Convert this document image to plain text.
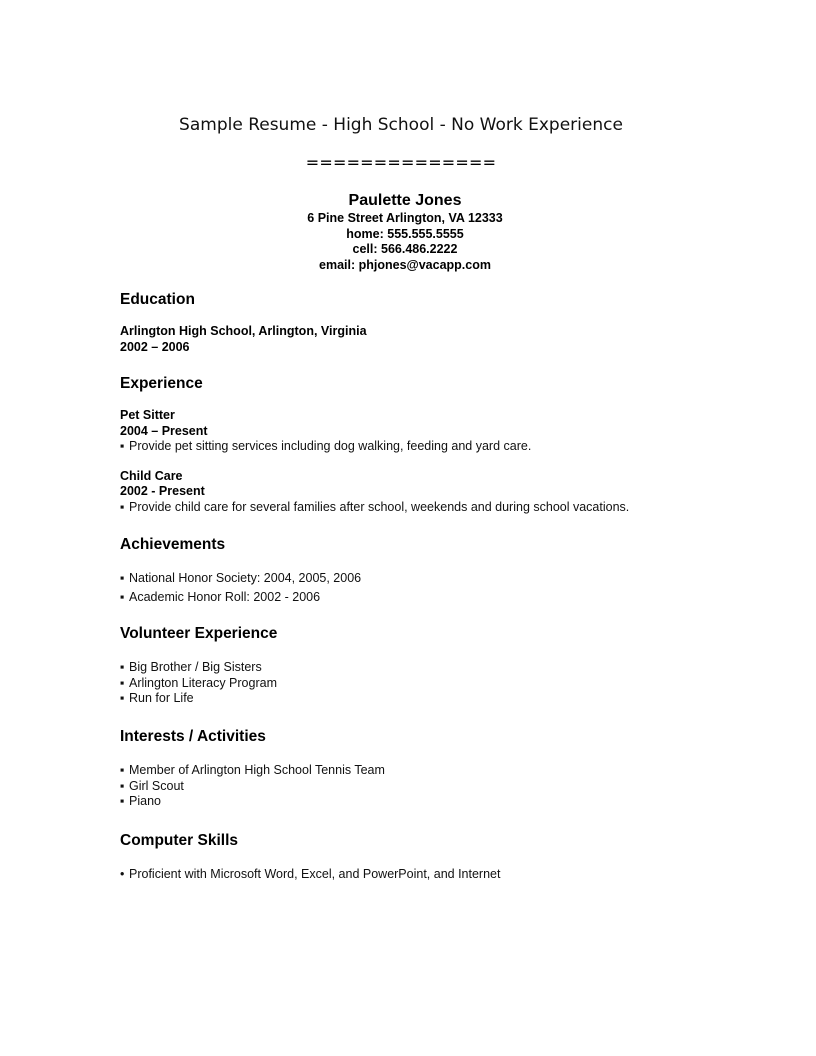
Sample Resume - High School - No Work Experience
==============
Paulette Jones
6 Pine Street Arlington, VA 12333
home: 555.555.5555
cell: 566.486.2222
email: phjones@vacapp.com
Education
Arlington High School, Arlington, Virginia
2002 – 2006
Experience
Pet Sitter
2004 – Present
▪ Provide pet sitting services including dog walking, feeding and yard care.
Child Care
2002 - Present
▪ Provide child care for several families after school, weekends and during school vacations.
Achievements
▪ National Honor Society: 2004, 2005, 2006
▪ Academic Honor Roll: 2002 - 2006
Volunteer Experience
▪ Big Brother / Big Sisters
▪ Arlington Literacy Program
▪ Run for Life
Interests / Activities
▪ Member of Arlington High School Tennis Team
▪ Girl Scout
▪ Piano
Computer Skills
• Proficient with Microsoft Word, Excel, and PowerPoint, and Internet
